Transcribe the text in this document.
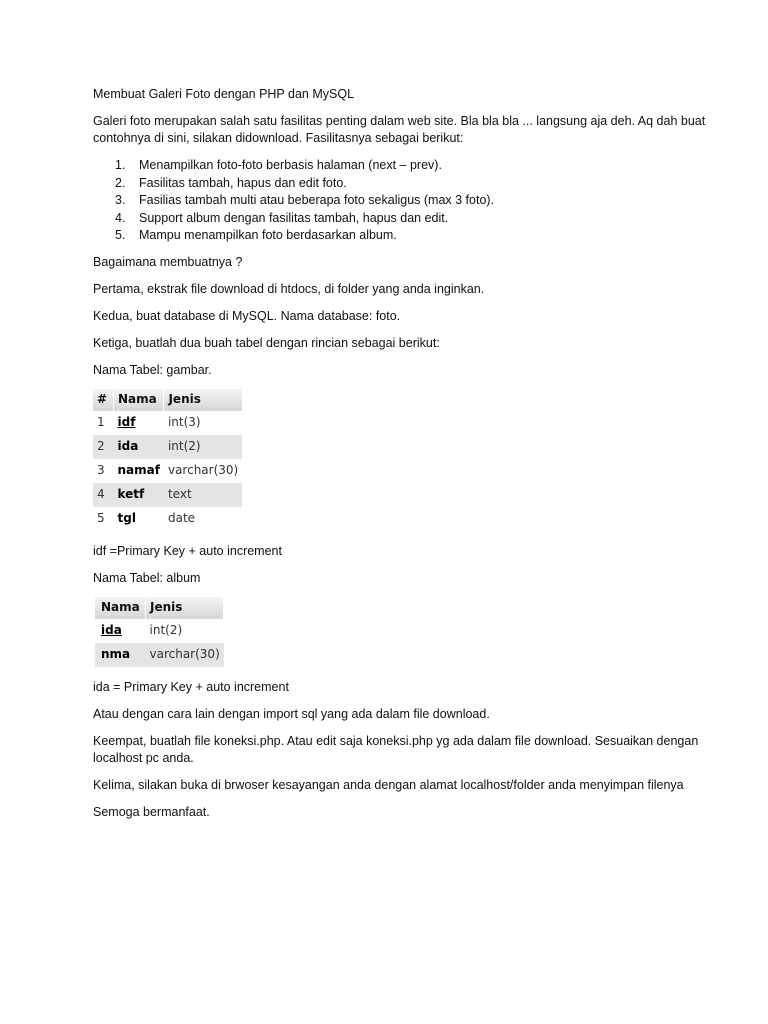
Membuat Galeri Foto dengan PHP dan MySQL

Galeri foto merupakan salah satu fasilitas penting dalam web site. Bla bla bla ... langsung aja deh. Aq dah buat contohnya di sini, silakan didownload. Fasilitasnya sebagai berikut:

1. Menampilkan foto-foto berbasis halaman (next – prev).
2. Fasilitas tambah, hapus dan edit foto.
3. Fasilias tambah multi atau beberapa foto sekaligus (max 3 foto).
4. Support album dengan fasilitas tambah, hapus dan edit.
5. Mampu menampilkan foto berdasarkan album.

Bagaimana membuatnya ?

Pertama, ekstrak file download di htdocs, di folder yang anda inginkan.

Kedua, buat database di MySQL. Nama database: foto.

Ketiga, buatlah dua buah tabel dengan rincian sebagai berikut:

Nama Tabel: gambar.

#	Nama	Jenis
1	idf	int(3)
2	ida	int(2)
3	namaf	varchar(30)
4	ketf	text
5	tgl	date

idf =Primary Key + auto increment

Nama Tabel: album

Nama	Jenis
ida	int(2)
nma	varchar(30)

ida = Primary Key + auto increment

Atau dengan cara lain dengan import sql yang ada dalam file download.

Keempat, buatlah file koneksi.php. Atau edit saja koneksi.php yg ada dalam file download. Sesuaikan dengan localhost pc anda.

Kelima, silakan buka di brwoser kesayangan anda dengan alamat localhost/folder anda menyimpan filenya

Semoga bermanfaat.
